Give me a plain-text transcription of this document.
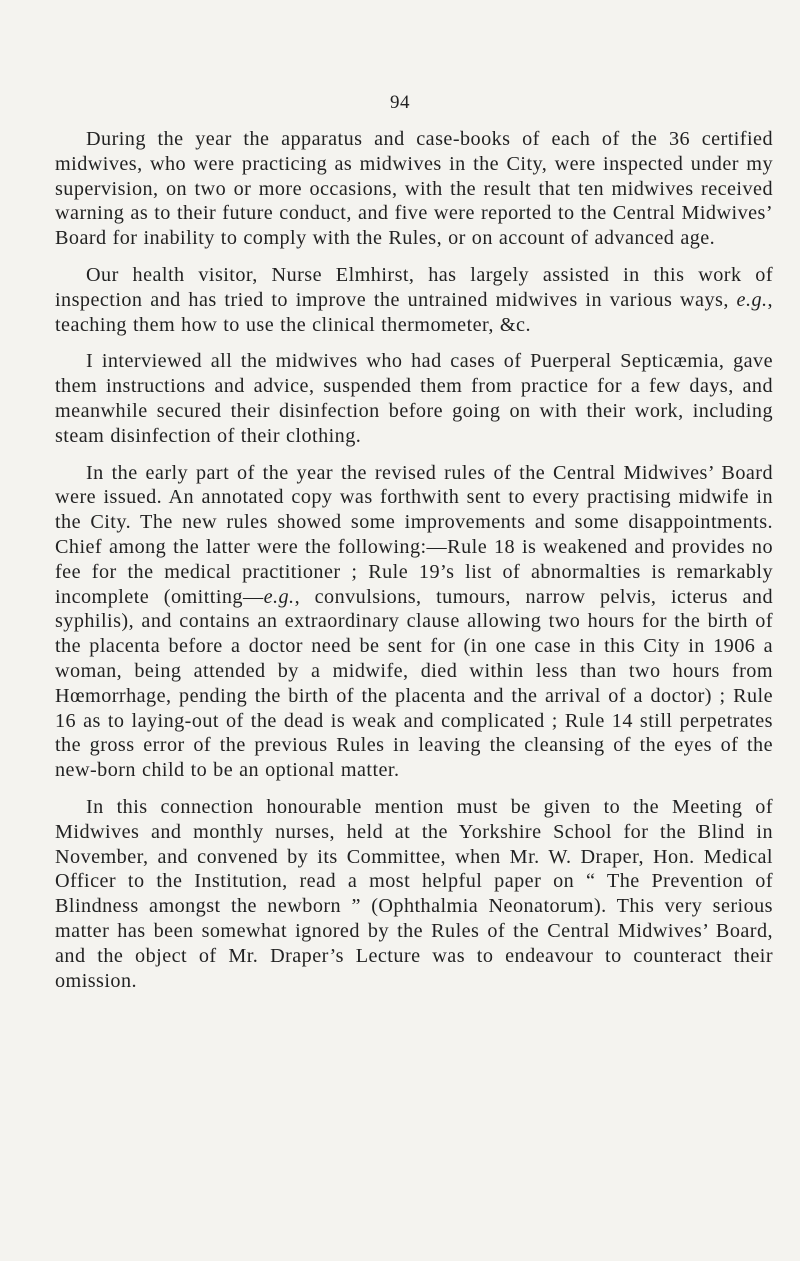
94

During the year the apparatus and case-books of each of the 36 certified midwives, who were practicing as midwives in the City, were inspected under my supervision, on two or more occasions, with the result that ten midwives received warning as to their future conduct, and five were reported to the Central Midwives’ Board for inability to comply with the Rules, or on account of advanced age.

Our health visitor, Nurse Elmhirst, has largely assisted in this work of inspection and has tried to improve the untrained midwives in various ways, e.g., teaching them how to use the clinical thermometer, &c.

I interviewed all the midwives who had cases of Puerperal Septicæmia, gave them instructions and advice, suspended them from practice for a few days, and meanwhile secured their disinfection before going on with their work, including steam disinfection of their clothing.

In the early part of the year the revised rules of the Central Midwives’ Board were issued. An annotated copy was forthwith sent to every practising midwife in the City. The new rules showed some improvements and some disappointments. Chief among the latter were the following:—Rule 18 is weakened and provides no fee for the medical practitioner ; Rule 19’s list of abnormalties is remarkably incomplete (omitting—e.g., convulsions, tumours, narrow pelvis, icterus and syphilis), and contains an extraordinary clause allowing two hours for the birth of the placenta before a doctor need be sent for (in one case in this City in 1906 a woman, being attended by a midwife, died within less than two hours from Hœmorrhage, pending the birth of the placenta and the arrival of a doctor) ; Rule 16 as to laying-out of the dead is weak and complicated ; Rule 14 still perpetrates the gross error of the previous Rules in leaving the cleansing of the eyes of the new-born child to be an optional matter.

In this connection honourable mention must be given to the Meeting of Midwives and monthly nurses, held at the Yorkshire School for the Blind in November, and convened by its Committee, when Mr. W. Draper, Hon. Medical Officer to the Institution, read a most helpful paper on “ The Prevention of Blindness amongst the newborn ” (Ophthalmia Neonatorum). This very serious matter has been somewhat ignored by the Rules of the Central Midwives’ Board, and the object of Mr. Draper’s Lecture was to endeavour to counteract their omission.
